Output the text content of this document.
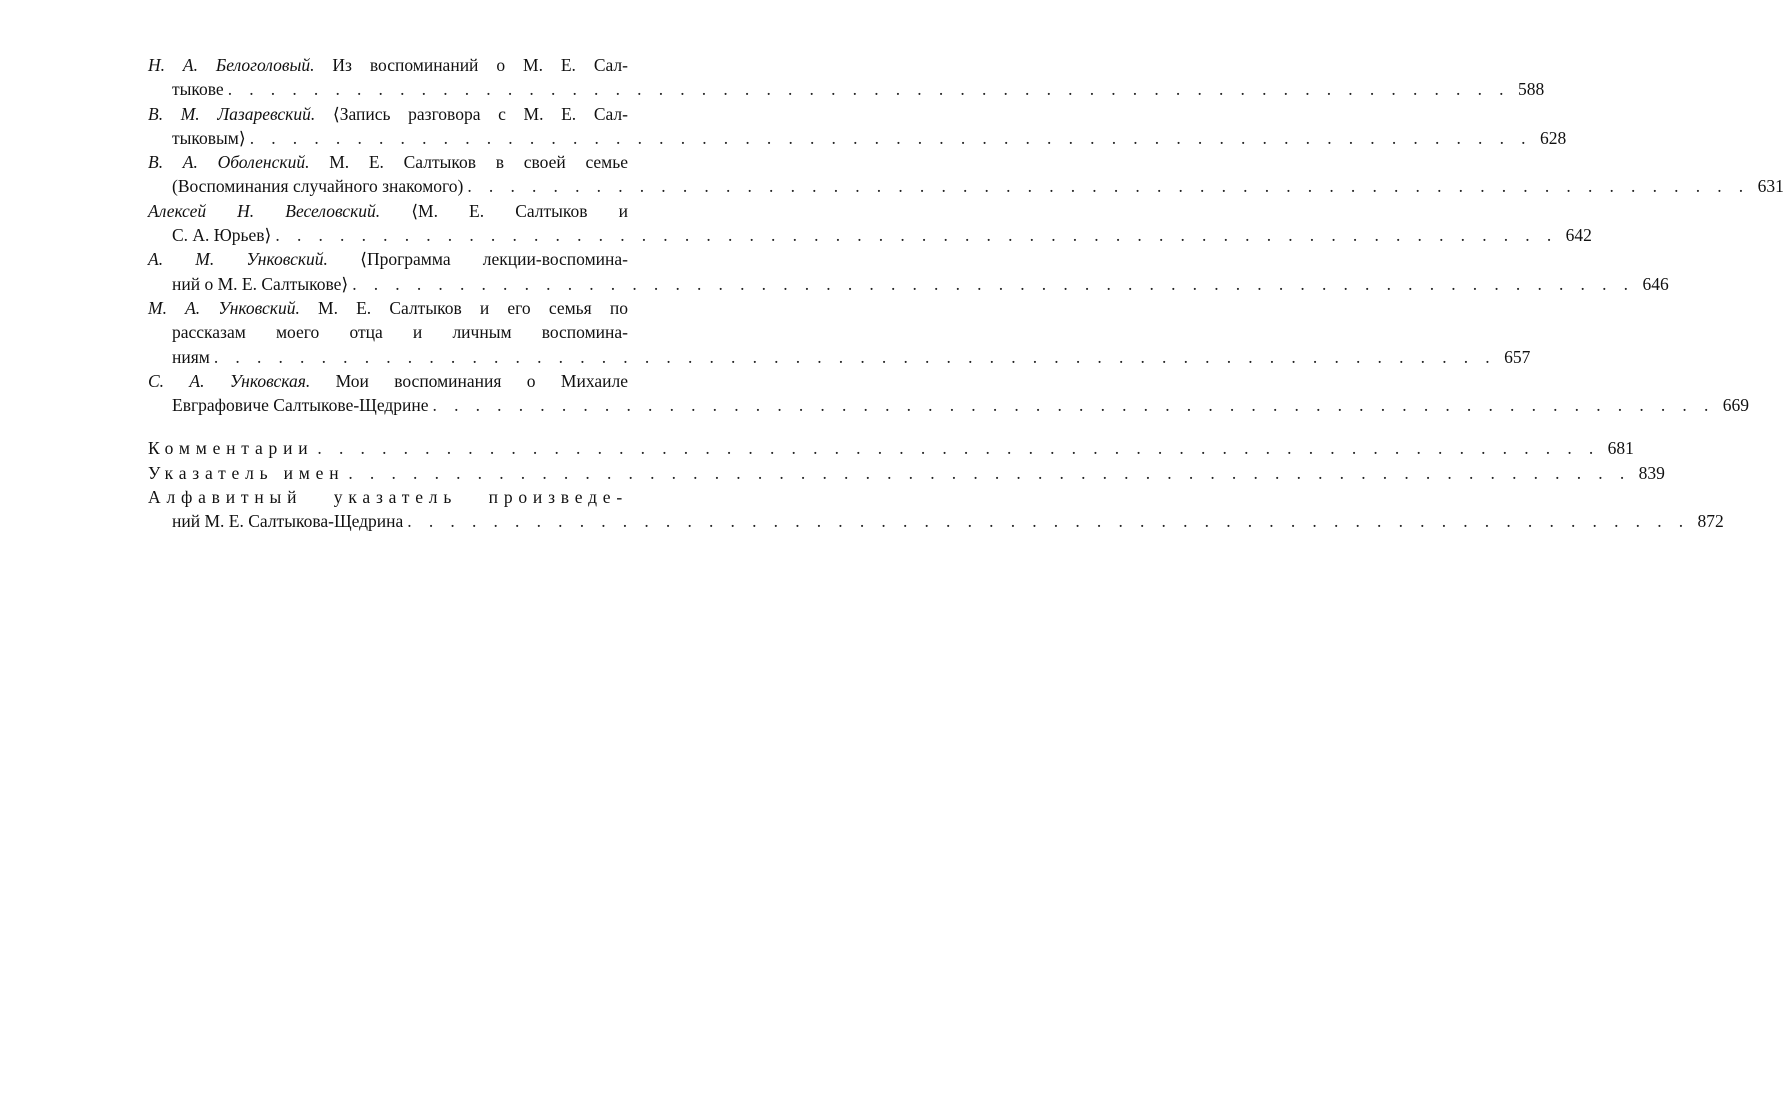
Н. А. Белоголовый. Из воспоминаний о М. Е. Сал-
тыкове . . .	588
В. М. Лазаревский. ⟨Запись разговора с М. Е. Сал-
тыковым⟩ . . .	628
В. А. Оболенский. М. Е. Салтыков в своей семье
(Воспоминания случайного знакомого) . . .	631
Алексей Н. Веселовский. ⟨М. Е. Салтыков и
С. А. Юрьев⟩ . . .	642
А. М. Унковский. ⟨Программа лекции-воспомина-
ний о М. Е. Салтыкове⟩ . . .	646
М. А. Унковский. М. Е. Салтыков и его семья по
рассказам моего отца и личным воспомина-
ниям . . .	657
С. А. Унковская. Мои воспоминания о Михаиле
Евграфовиче Салтыкове-Щедрине . . .	669
Комментарии . . .	681
Указатель имен . . .	839
Алфавитный указатель произведе-
ний М. Е. Салтыкова-Щедрина . . .	872
